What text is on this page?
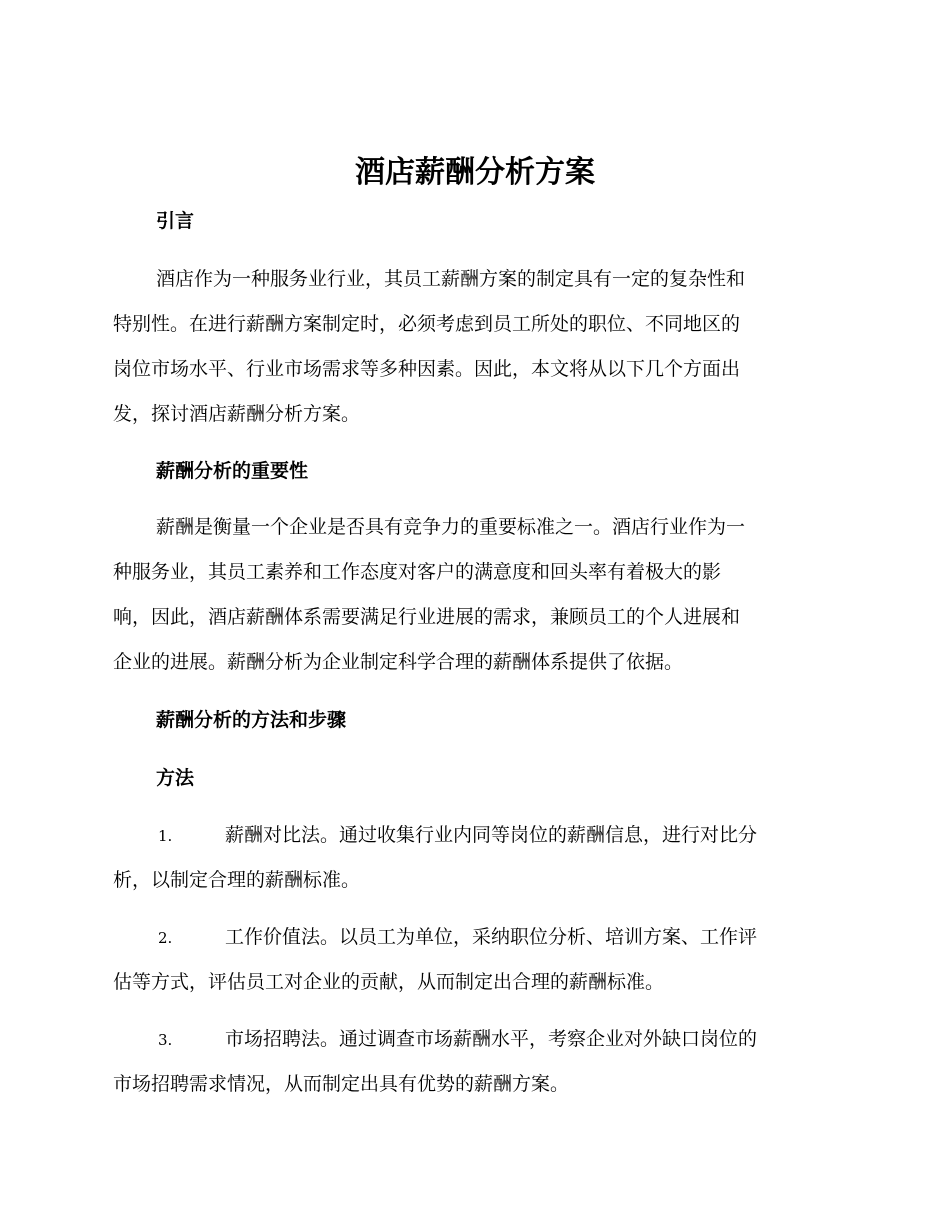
酒店薪酬分析方案
引言
酒店作为一种服务业行业，其员工薪酬方案的制定具有一定的复杂性和
特别性。在进行薪酬方案制定时，必须考虑到员工所处的职位、不同地区的
岗位市场水平、行业市场需求等多种因素。因此，本文将从以下几个方面出
发，探讨酒店薪酬分析方案。
薪酬分析的重要性
薪酬是衡量一个企业是否具有竞争力的重要标准之一。酒店行业作为一
种服务业，其员工素养和工作态度对客户的满意度和回头率有着极大的影
响，因此，酒店薪酬体系需要满足行业进展的需求，兼顾员工的个人进展和
企业的进展。薪酬分析为企业制定科学合理的薪酬体系提供了依据。
薪酬分析的方法和步骤
方法
1.	薪酬对比法。通过收集行业内同等岗位的薪酬信息，进行对比分
析，以制定合理的薪酬标准。
2.	工作价值法。以员工为单位，采纳职位分析、培训方案、工作评
估等方式，评估员工对企业的贡献，从而制定出合理的薪酬标准。
3.	市场招聘法。通过调查市场薪酬水平，考察企业对外缺口岗位的
市场招聘需求情况，从而制定出具有优势的薪酬方案。
